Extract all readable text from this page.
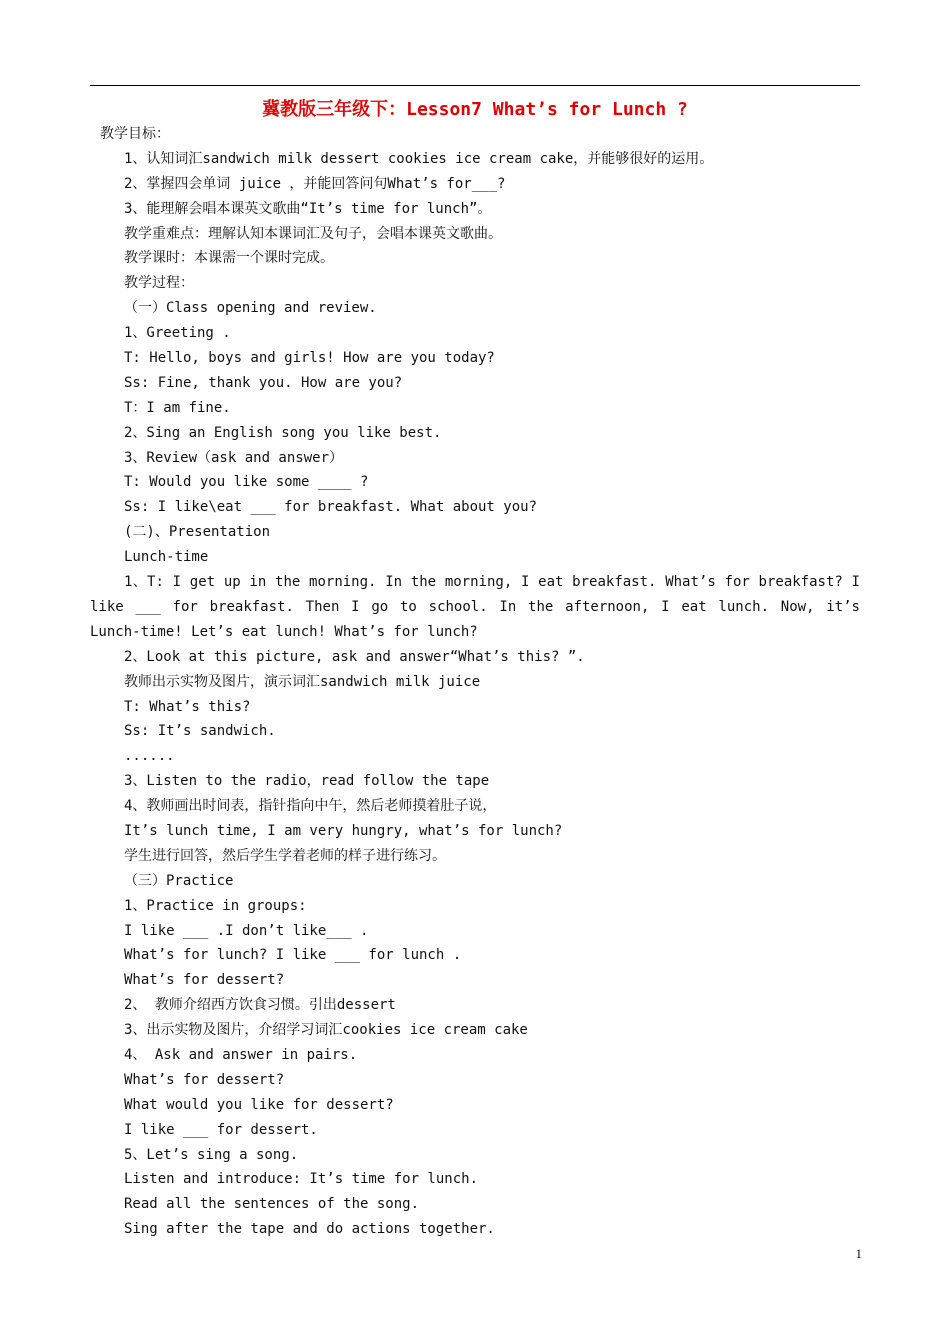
冀教版三年级下：Lesson7 What’s for Lunch ?
教学目标：
1、认知词汇sandwich milk dessert cookies ice cream cake，并能够很好的运用。
2、掌握四会单词 juice ，并能回答问句What’s for___?
3、能理解会唱本课英文歌曲“It’s time for lunch”。
教学重难点：理解认知本课词汇及句子，会唱本课英文歌曲。
教学课时：本课需一个课时完成。
教学过程：
（一）Class opening and review.
1、Greeting .
T: Hello, boys and girls! How are you today?
Ss: Fine, thank you. How are you?
T：I am fine.
2、Sing an English song you like best.
3、Review（ask and answer）
T: Would you like some ____ ?
Ss: I like\eat ___ for breakfast. What about you?
(二)、Presentation
Lunch-time
1、T: I get up in the morning. In the morning, I eat breakfast. What’s for breakfast? I like ___ for breakfast. Then I go to school. In the afternoon, I eat lunch. Now, it’s Lunch-time! Let’s eat lunch! What’s for lunch?
2、Look at this picture, ask and answer“What’s this? ”.
教师出示实物及图片，演示词汇sandwich milk juice
T: What’s this?
Ss: It’s sandwich.
......
3、Listen to the radio，read follow the tape
4、教师画出时间表，指针指向中午，然后老师摸着肚子说，
It’s lunch time, I am very hungry, what’s for lunch?
学生进行回答，然后学生学着老师的样子进行练习。
（三）Practice
1、Practice in groups:
I like ___ .I don’t like___ .
What’s for lunch? I like ___ for lunch .
What’s for dessert?
2、 教师介绍西方饮食习惯。引出dessert
3、出示实物及图片，介绍学习词汇cookies ice cream cake
4、 Ask and answer in pairs.
What’s for dessert?
What would you like for dessert?
I like ___ for dessert.
5、Let’s sing a song.
Listen and introduce: It’s time for lunch.
Read all the sentences of the song.
Sing after the tape and do actions together.
1
